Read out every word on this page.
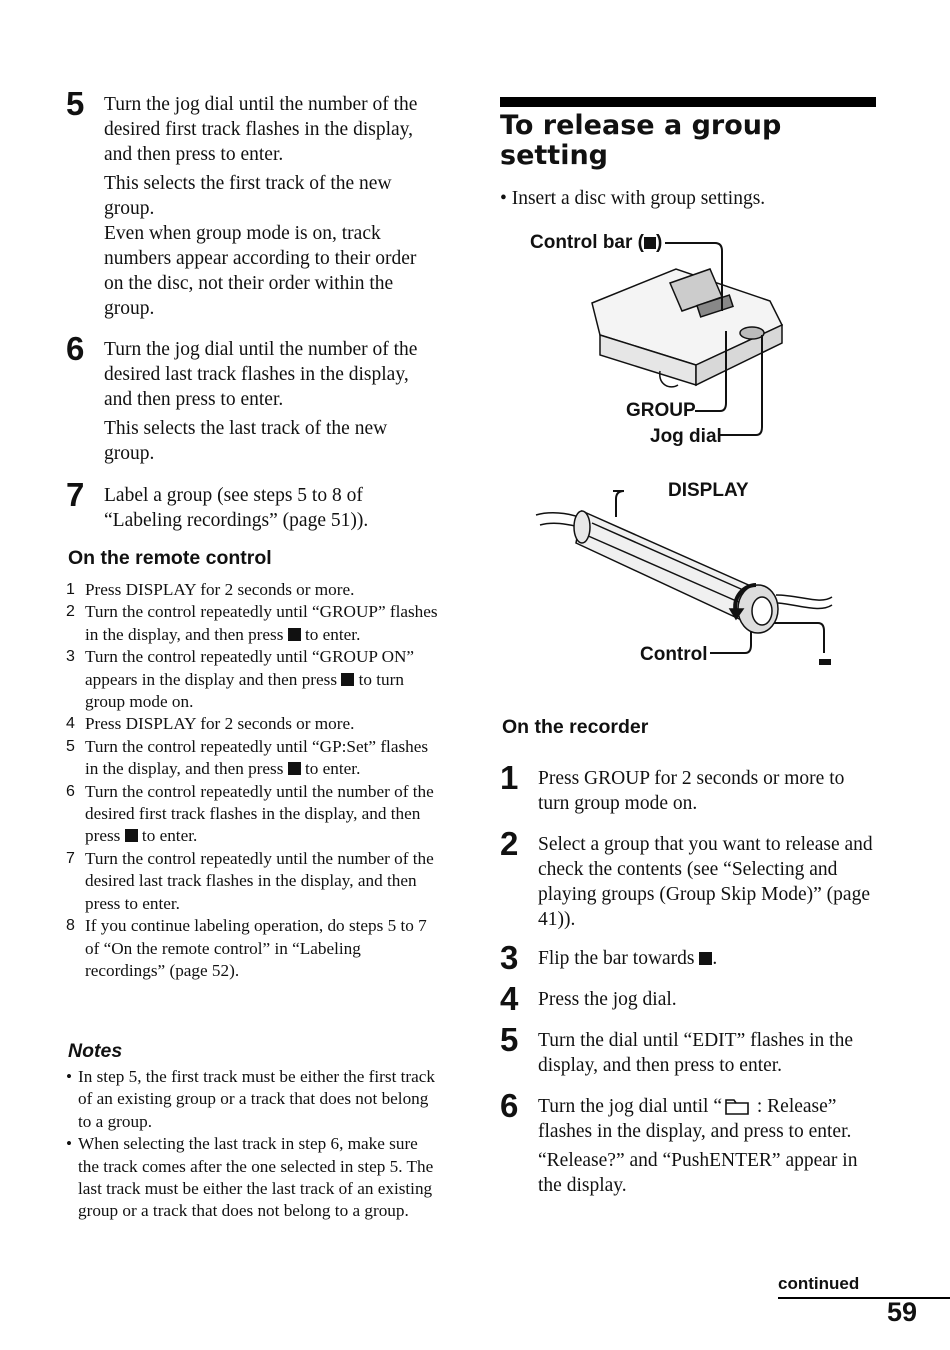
5 Turn the jog dial until the number of the desired first track flashes in the display, and then press to enter.

This selects the first track of the new group.

Even when group mode is on, track numbers appear according to their order on the disc, not their order within the group.

6 Turn the jog dial until the number of the desired last track flashes in the display, and then press to enter.

This selects the last track of the new group.

7 Label a group (see steps 5 to 8 of “Labeling recordings” (page 51)).

On the remote control
1 Press DISPLAY for 2 seconds or more.
2 Turn the control repeatedly until “GROUP” flashes in the display, and then press  to enter.
3 Turn the control repeatedly until “GROUP ON” appears in the display and then press  to turn group mode on.
4 Press DISPLAY for 2 seconds or more.
5 Turn the control repeatedly until “GP:Set” flashes in the display, and then press  to enter.
6 Turn the control repeatedly until the number of the desired first track flashes in the display, and then press  to enter.
7 Turn the control repeatedly until the number of the desired last track flashes in the display, and then press to enter.
8 If you continue labeling operation, do steps 5 to 7 of “On the remote control” in “Labeling recordings” (page 52).
Notes
• In step 5, the first track must be either the first track of an existing group or a track that does not belong to a group.
• When selecting the last track in step 6, make sure the track comes after the one selected in step 5. The last track must be either the last track of an existing group or a track that does not belong to a group.
To release a group
setting

• Insert a disc with group settings.

Control bar ( )
GROUP
Jog dial
DISPLAY
Control
On the recorder
1 Press GROUP for 2 seconds or more to turn group mode on.

2 Select a group that you want to release and check the contents (see “Selecting and playing groups (Group Skip Mode)” (page 41)).

3 Flip the bar towards .

4 Press the jog dial.

5 Turn the dial until “EDIT” flashes in the display, and then press to enter.

6 Turn the jog dial until “ : Release” flashes in the display, and press to enter.

“Release?” and “PushENTER” appear in the display.

continued
59
